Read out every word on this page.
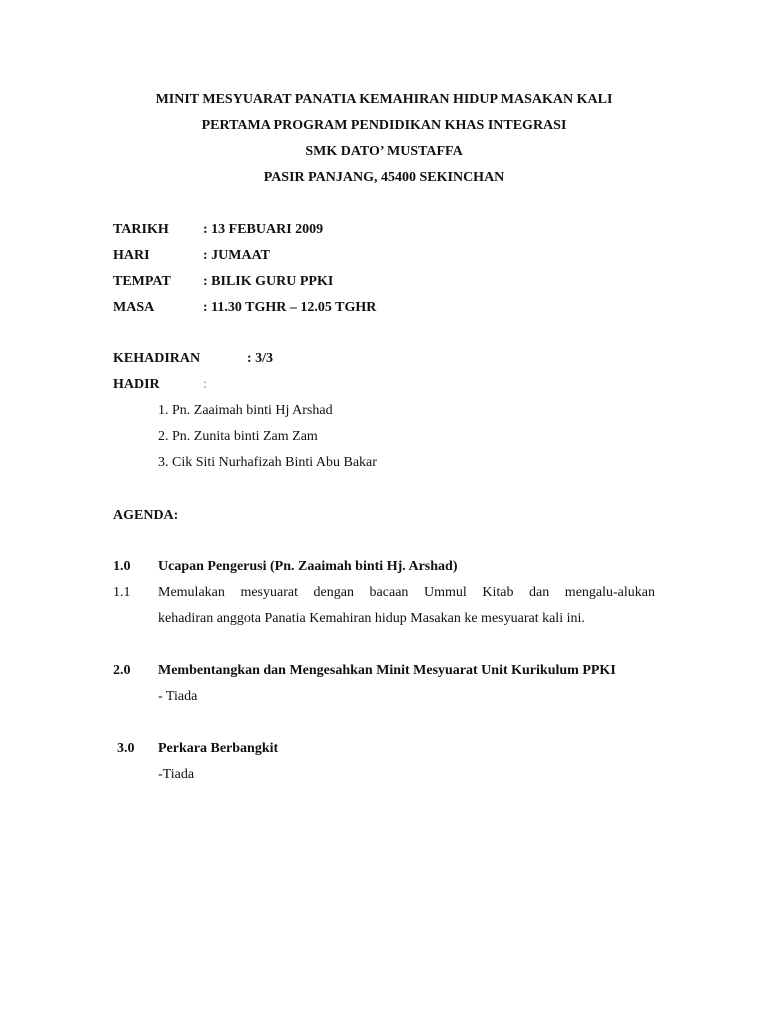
MINIT MESYUARAT PANATIA KEMAHIRAN HIDUP MASAKAN KALI
PERTAMA PROGRAM PENDIDIKAN KHAS INTEGRASI
SMK DATO’ MUSTAFFA
PASIR PANJANG, 45400 SEKINCHAN
TARIKH : 13 FEBUARI 2009
HARI	: JUMAAT
TEMPAT : BILIK GURU PPKI
MASA	: 11.30 TGHR – 12.05 TGHR
KEHADIRAN	: 3/3
HADIR	:
1. Pn. Zaaimah binti Hj Arshad
2. Pn. Zunita binti Zam Zam
3. Cik Siti Nurhafizah Binti Abu Bakar
AGENDA:
1.0 Ucapan Pengerusi (Pn. Zaaimah binti Hj. Arshad)
1.1 Memulakan mesyuarat dengan bacaan Ummul Kitab dan mengalu-alukan
kehadiran anggota Panatia Kemahiran hidup Masakan ke mesyuarat kali ini.
2.0 Membentangkan dan Mengesahkan Minit Mesyuarat Unit Kurikulum PPKI
- Tiada
3.0 Perkara Berbangkit
-Tiada
